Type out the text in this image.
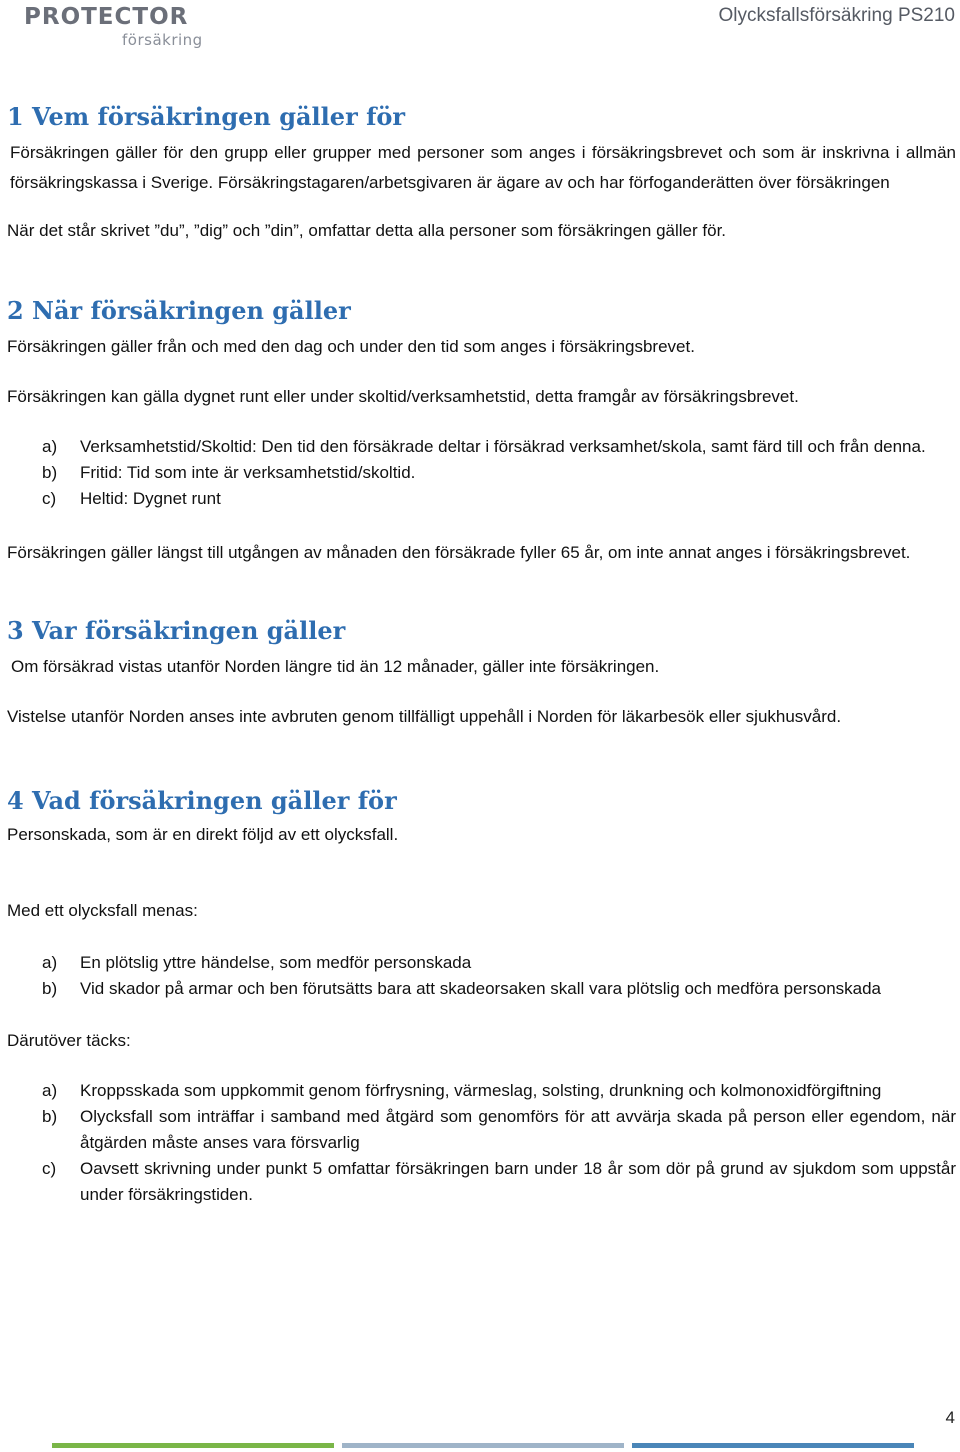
PROTECTOR
försäkring
Olycksfallsförsäkring PS210
1 Vem försäkringen gäller för

Försäkringen gäller för den grupp eller grupper med personer som anges i försäkringsbrevet och som är inskrivna i allmän försäkringskassa i Sverige. Försäkringstagaren/arbetsgivaren är ägare av och har förfoganderätten över försäkringen

När det står skrivet ”du”, ”dig” och ”din”, omfattar detta alla personer som försäkringen gäller för.

2 När försäkringen gäller

Försäkringen gäller från och med den dag och under den tid som anges i försäkringsbrevet.

Försäkringen kan gälla dygnet runt eller under skoltid/verksamhetstid, detta framgår av försäkringsbrevet.

a) Verksamhetstid/Skoltid: Den tid den försäkrade deltar i försäkrad verksamhet/skola, samt färd till och från denna.
b) Fritid: Tid som inte är verksamhetstid/skoltid.
c) Heltid: Dygnet runt

Försäkringen gäller längst till utgången av månaden den försäkrade fyller 65 år, om inte annat anges i försäkringsbrevet.

3 Var försäkringen gäller

Om försäkrad vistas utanför Norden längre tid än 12 månader, gäller inte försäkringen.

Vistelse utanför Norden anses inte avbruten genom tillfälligt uppehåll i Norden för läkarbesök eller sjukhusvård.

4 Vad försäkringen gäller för

Personskada, som är en direkt följd av ett olycksfall.

Med ett olycksfall menas:

a) En plötslig yttre händelse, som medför personskada
b) Vid skador på armar och ben förutsätts bara att skadeorsaken skall vara plötslig och medföra personskada

Därutöver täcks:

a) Kroppsskada som uppkommit genom förfrysning, värmeslag, solsting, drunkning och kolmonoxidförgiftning
b) Olycksfall som inträffar i samband med åtgärd som genomförs för att avvärja skada på person eller egendom, när åtgärden måste anses vara försvarlig
c) Oavsett skrivning under punkt 5 omfattar försäkringen barn under 18 år som dör på grund av sjukdom som uppstår under försäkringstiden.
4
